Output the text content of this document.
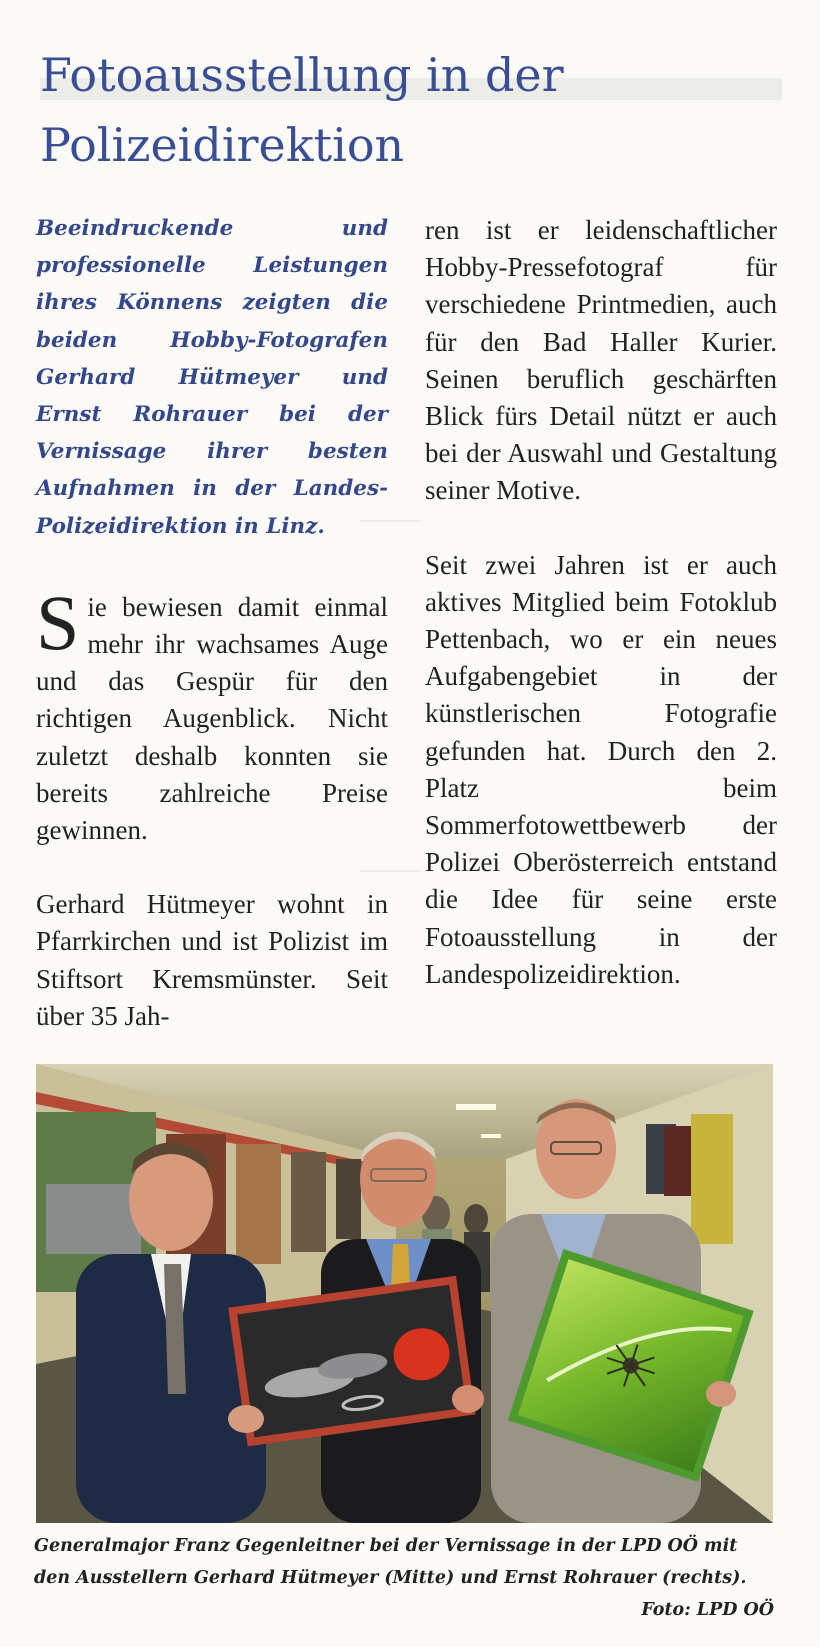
Fotoausstellung in der Polizeidirektion

Beeindruckende und professionelle Leistungen ihres Könnens zeigten die beiden Hobby-Fotografen Gerhard Hütmeyer und Ernst Rohrauer bei der Vernissage ihrer besten Aufnahmen in der Landes-Polizeidirektion in Linz.

Sie bewiesen damit einmal mehr ihr wachsames Auge und das Gespür für den richtigen Augenblick. Nicht zuletzt deshalb konnten sie bereits zahlreiche Preise gewinnen.

Gerhard Hütmeyer wohnt in Pfarrkirchen und ist Polizist im Stiftsort Kremsmünster. Seit über 35 Jah-

ren ist er leidenschaftlicher Hobby-Pressefotograf für verschiedene Printmedien, auch für den Bad Haller Kurier. Seinen beruflich geschärften Blick fürs Detail nützt er auch bei der Auswahl und Gestaltung seiner Motive.

Seit zwei Jahren ist er auch aktives Mitglied beim Fotoklub Pettenbach, wo er ein neues Aufgabengebiet in der künstlerischen Fotografie gefunden hat. Durch den 2. Platz beim Sommerfotowettbewerb der Polizei Oberösterreich entstand die Idee für seine erste Fotoausstellung in der Landespolizeidirektion.

Generalmajor Franz Gegenleitner bei der Vernissage in der LPD OÖ mit den Ausstellern Gerhard Hütmeyer (Mitte) und Ernst Rohrauer (rechts).
Foto: LPD OÖ
